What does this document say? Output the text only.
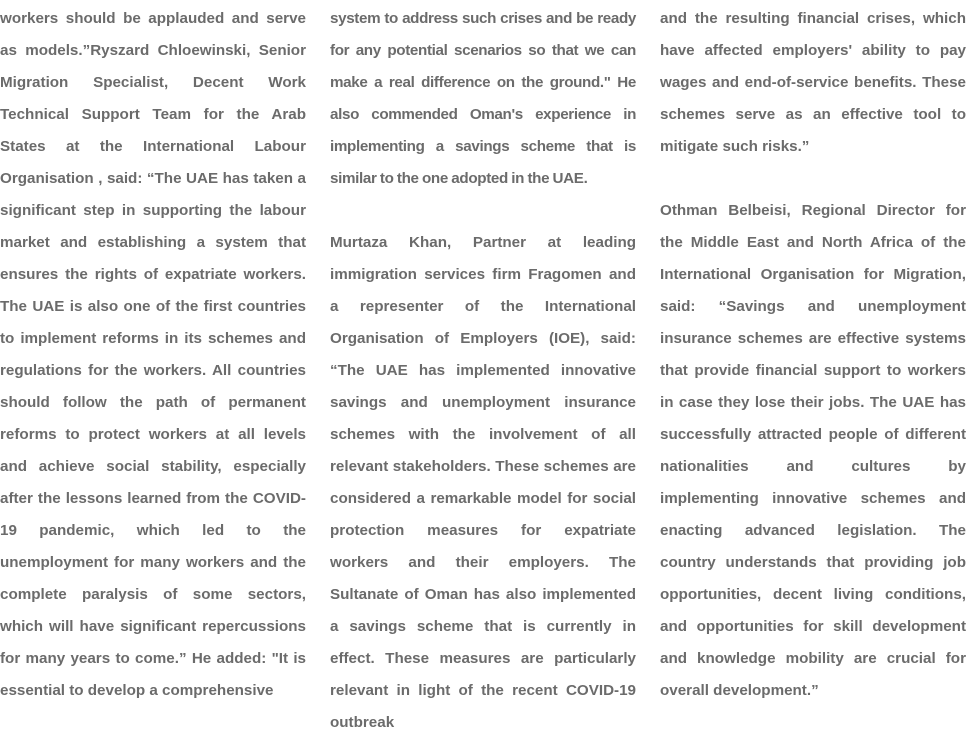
workers should be applauded and serve as models.”Ryszard Chloewinski, Senior Migration Specialist, Decent Work Technical Support Team for the Arab States at the International Labour Organisation , said: “The UAE has taken a significant step in supporting the labour market and establishing a system that ensures the rights of expatriate workers. The UAE is also one of the first countries to implement reforms in its schemes and regulations for the workers. All countries should follow the path of permanent reforms to protect workers at all levels and achieve social stability, especially after the lessons learned from the COVID-19 pandemic, which led to the unemployment for many workers and the complete paralysis of some sectors, which will have significant repercussions for many years to come.” He added: "It is essential to develop a comprehensive

system to address such crises and be ready for any potential scenarios so that we can make a real difference on the ground." He also commended Oman's experience in implementing a savings scheme that is similar to the one adopted in the UAE.

Murtaza Khan, Partner at leading immigration services firm Fragomen and a representer of the International Organisation of Employers (IOE), said: “The UAE has implemented innovative savings and unemployment insurance schemes with the involvement of all relevant stakeholders. These schemes are considered a remarkable model for social protection measures for expatriate workers and their employers. The Sultanate of Oman has also implemented a savings scheme that is currently in effect. These measures are particularly relevant in light of the recent COVID-19 outbreak

and the resulting financial crises, which have affected employers' ability to pay wages and end-of-service benefits. These schemes serve as an effective tool to mitigate such risks.”

Othman Belbeisi, Regional Director for the Middle East and North Africa of the International Organisation for Migration, said: “Savings and unemployment insurance schemes are effective systems that provide financial support to workers in case they lose their jobs. The UAE has successfully attracted people of different nationalities and cultures by implementing innovative schemes and enacting advanced legislation. The country understands that providing job opportunities, decent living conditions, and opportunities for skill development and knowledge mobility are crucial for overall development.”
